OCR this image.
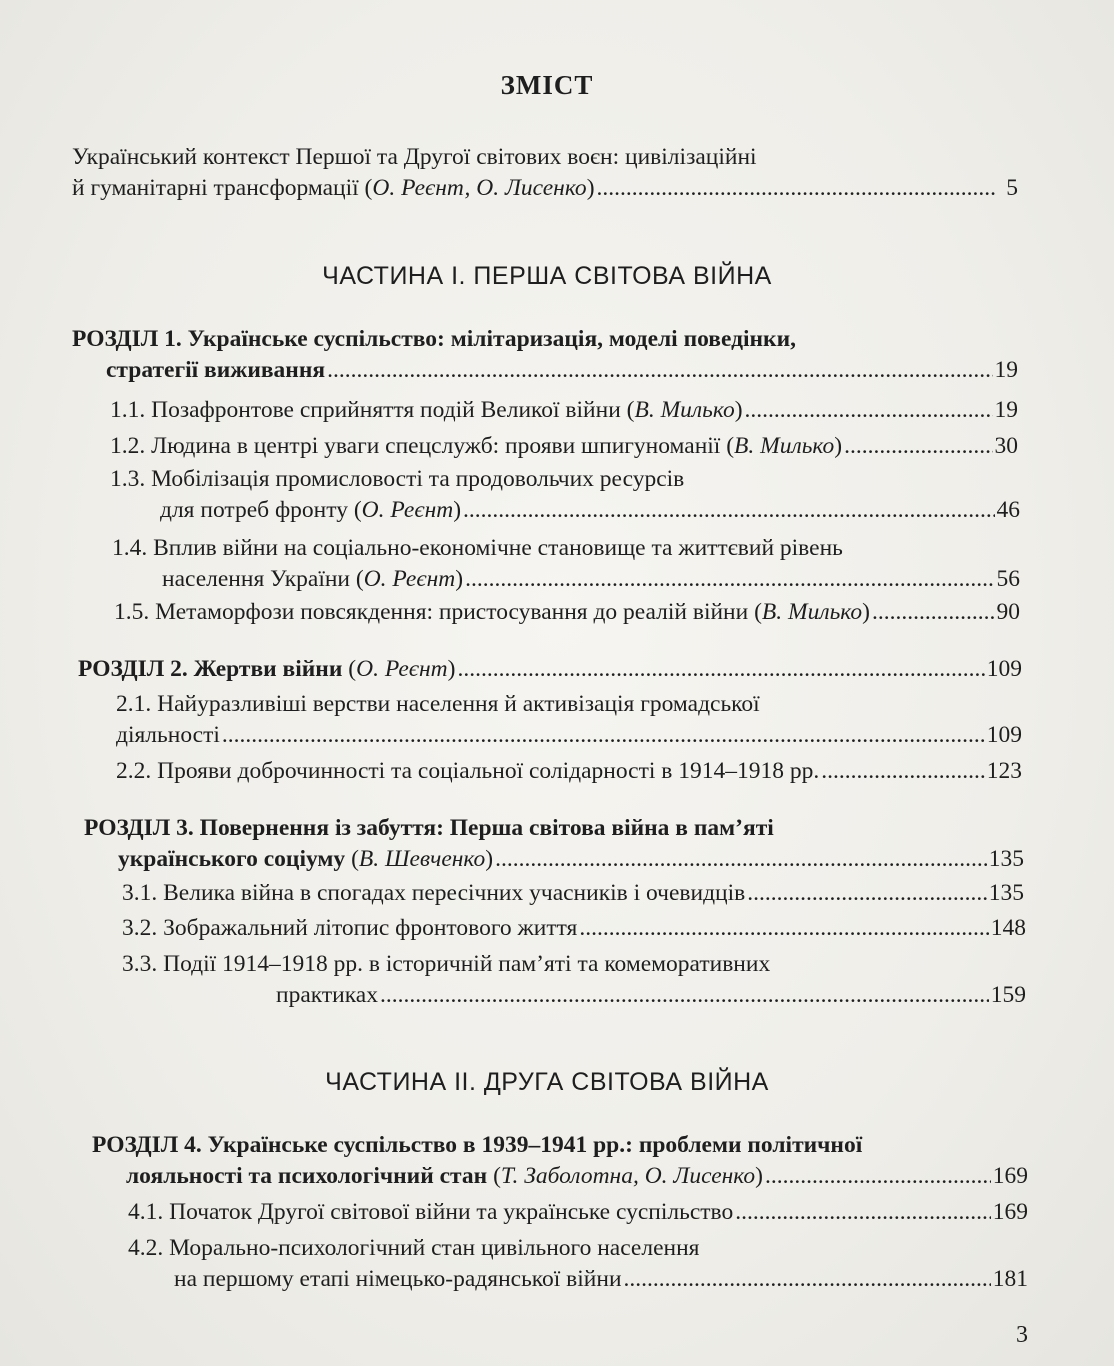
ЗМІСТ
Український контекст Першої та Другої світових воєн: цивілізаційні
й гуманітарні трансформації ( О. Реєнт, О. Лисенко ) .....	5
ЧАСТИНА І. ПЕРША СВІТОВА ВІЙНА
РОЗДІЛ 1. Українське суспільство: мілітаризація, моделі поведінки,
стратегії виживання .....	19
1.1. Позафронтове сприйняття подій Великої війни ( В. Милько ) .....	19
1.2. Людина в центрі уваги спецслужб: прояви шпигуноманії ( В. Милько ) .....	30
1.3. Мобілізація промисловості та продовольчих ресурсів
для потреб фронту ( О. Реєнт ) .....	46
1.4. Вплив війни на соціально-економічне становище та життєвий рівень
населення України ( О. Реєнт ) .....	56
1.5. Метаморфози повсякдення: пристосування до реалій війни ( В. Милько ) .....	90
РОЗДІЛ 2. Жертви війни ( О. Реєнт ) .....	109
2.1. Найуразливіші верстви населення й активізація громадської
діяльності .....	109
2.2. Прояви доброчинності та соціальної солідарності в 1914–1918 рр. .....	123
РОЗДІЛ 3. Повернення із забуття: Перша світова війна в пам’яті
українського соціуму ( В. Шевченко ) .....	135
3.1. Велика війна в спогадах пересічних учасників і очевидців .....	135
3.2. Зображальний літопис фронтового життя .....	148
3.3. Події 1914–1918 рр. в історичній пам’яті та комеморативних
практиках .....	159
ЧАСТИНА ІІ. ДРУГА СВІТОВА ВІЙНА
РОЗДІЛ 4. Українське суспільство в 1939–1941 рр.: проблеми політичної
лояльності та психологічний стан ( Т. Заболотна, О. Лисенко ) .....	169
4.1. Початок Другої світової війни та українське суспільство .....	169
4.2. Морально-психологічний стан цивільного населення
на першому етапі німецько-радянської війни .....	181
3
